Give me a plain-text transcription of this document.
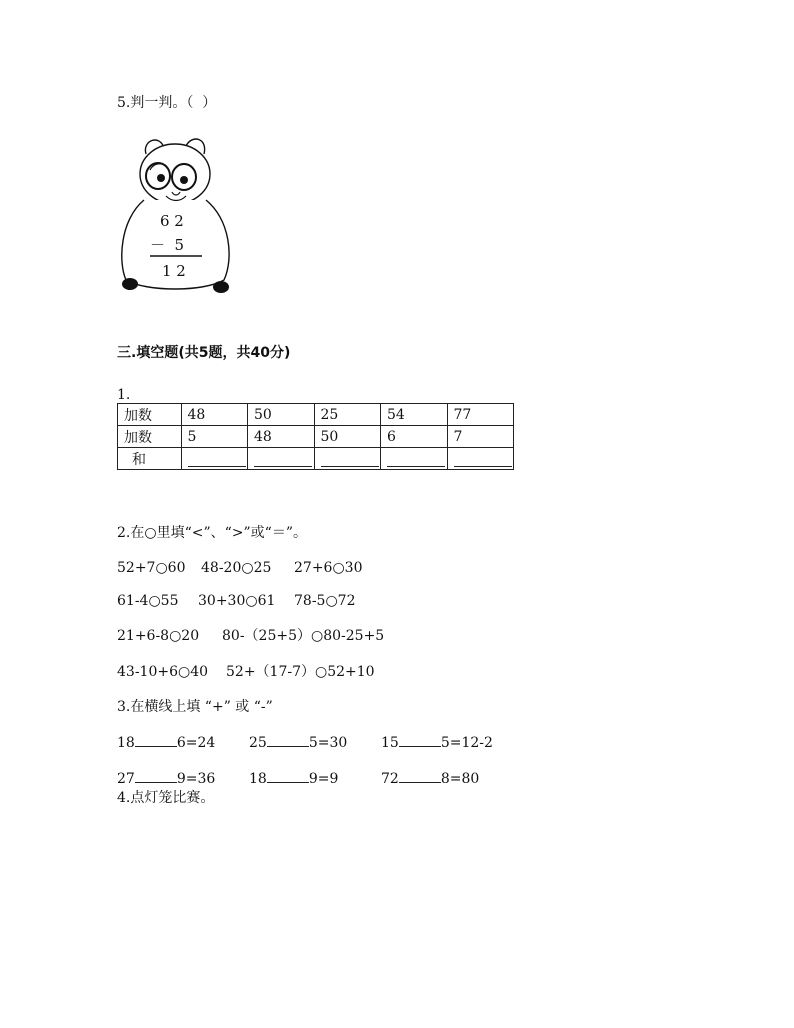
5.判一判。（  ）
6 2
－  5
1 2
三.填空题(共5题，共40分)
1.
加数	48	50	25	54	77
加数	5	48	50	6	7
和					
2.在○里填“<”、“>”或“＝”。
52+7○60 48-20○25 27+6○30
61-4○55 30+30○61 78-5○72
21+6-8○20 80-（25+5）○80-25+5
43-10+6○40 52+（17-7）○52+10
3.在横线上填 “+” 或 “-”
18	6=24 25	5=30 15	5=12-2
27	9=36 18	9=9	72	8=80
4.点灯笼比赛。
